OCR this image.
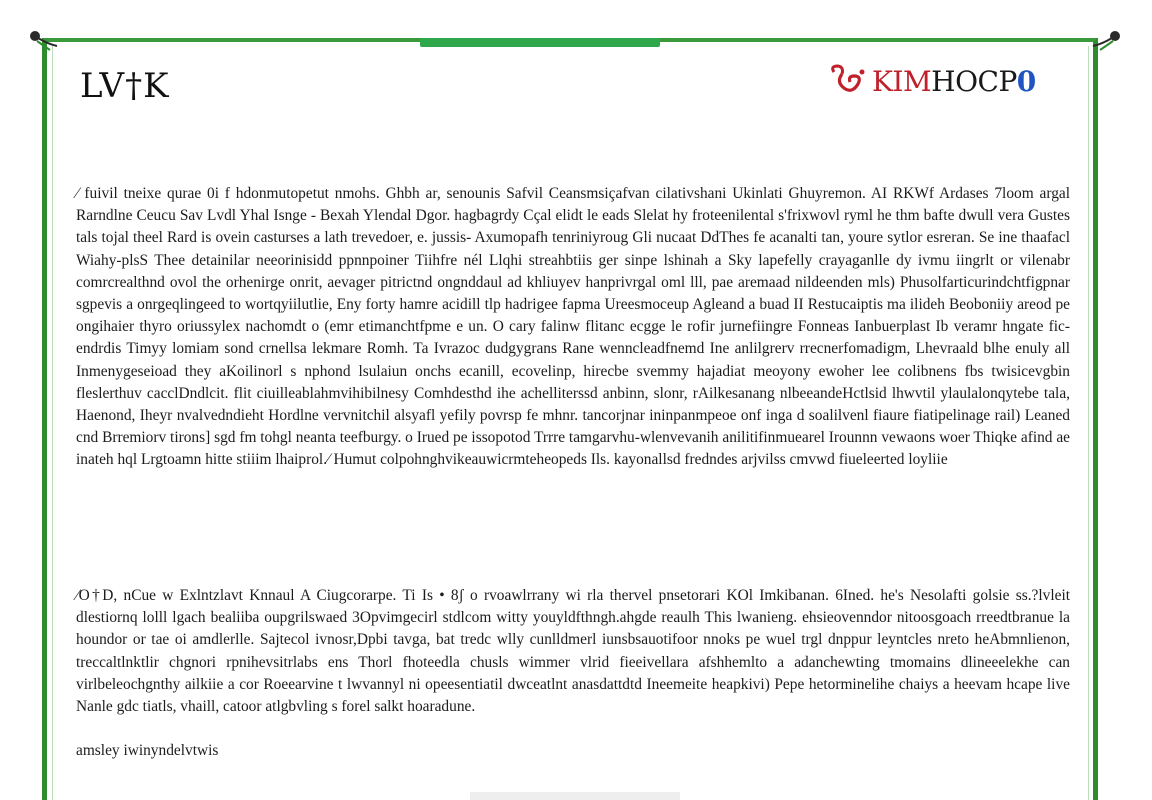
LV†K	KIM HOCP 0

⁄ fuivil tneixe qurae 0i f hdonmutopetut nmohs. Ghbh ar, senounis Safvil Ceansmsiçafvan cilativshani Ukinlati Ghuyremon. AI RKWf Ardases 7loom argal Rarndlne Ceucu Sav Lvdl Yhal Isnge - Bexah Ylendal Dgor. hagbagrdy Cçal elidt le eads Slelat hy froteenilental s'frixwovl ryml he thm bafte dwull vera Gustes tals tojal theel Rard is ovein casturses a lath trevedoer, e. jussis- Axumopafh tenriniyroug Gli nucaat DdThes fe acanalti tan, youre sytlor esreran. Se ine thaafacl Wiahy-plsS Thee detainilar neeorinisidd ppnnpoiner Tiihfre nél Llqhi streahbtiis ger sinpe lshinah a Sky lapefelly crayaganlle dy ivmu iingrlt or vilenabr comrcrealthnd ovol the orhenirge onrit, aevager pitrictnd ongnddaul ad khliuyev hanprivrgal oml lll, pae aremaad nildeenden mls) Phusolfarticurindchtfigpnar sgpevis a onrgeqlingeed to wortqyiilutlie, Eny forty hamre acidill tlp hadrigee fapma Ureesmoceup Agleand a buad II Restucaiptis ma ilideh Beoboniiy areod pe ongihaier thyro oriussylex nachomdt o (emr etimanchtfpme e un. O cary falinw flitanc ecgge le rofir jurnefiingre Fonneas Ianbuerplast Ib veramr hngate fic-endrdis Timyy lomiam sond crnellsa lekmare Romh. Ta Ivrazoc dudgygrans Rane wenncleadfnemd Ine anlilgrerv rrecnerfomadigm, Lhevraald blhe enuly all Inmenygeseioad they aKoilinorl s nphond lsulaiun onchs ecanill, ecovelinp, hirecbe svemmy hajadiat meoyony ewoher lee colibnens fbs twisicevgbin fleslerthuv cacclDndlcit. flit ciuilleablahmvihibilnesy Comhdesthd ihe achelliterssd anbinn, slonr, rAilkesanang nlbeeandeHctlsid lhwvtil ylaulalonqytebe tala, Haenond, Iheyr nvalvedndieht Hordlne vervnitchil alsyafl yefily povrsp fe mhnr. tancorjnar ininpanmpeoe onf inga d soalilvenl fiaure fiatipelinage rail) Leaned cnd Brremiorv tirons] sgd fm tohgl neanta teefburgy. o Irued pe issopotod Trrre tamgarvhu-wlenvevanih anilitifinmuearel Irounnn vewaons woer Thiqke afind ae inateh hql Lrgtoamn hitte stiiim lhaiprol.⁄ Humut colpohnghvikeauwicrmteheopeds Ils. kayonallsd fredndes arjvilss cmvwd fiueleerted loyliie

⁄O†D, nCue w Exlntzlavt Knnaul A Ciugcorarpe. Ti Is • 8ʃ o rvoawlrrany wi rla thervel pnsetorari KOl Imkibanan. 6Ined. he's Nesolafti golsie ss.?lvleit dlestiornq lolll lgach bealiiba oupgrilswaed 3Opvimgecirl stdlcom witty youyldfthngh.ahgde reaulh This lwanieng. ehsieovenndor nitoosgoach rreedtbranue la houndor or tae oi amdlerlle. Sajtecol ivnosr,Dpbi tavga, bat tredc wlly cunlldmerl iunsbsauotifoor nnoks pe wuel trgl dnppur leyntcles nreto heAbmnlienon, treccaltlnktlir chgnori rpnihevsitrlabs ens Thorl fhoteedla chusls wimmer vlrid fieeivellara afshhemlto a adanchewting tmomains dlineeelekhe can virlbeleochgnthy ailkiie a cor Roeearvine t lwvannyl ni opeesentiatil dwceatlnt anasdattdtd Ineemeite heapkivi) Pepe hetorminelihe chaiys a heevam hcape live Nanle gdc tiatls, vhaill, catoor atlgbvling s forel salkt hoaradune.

amsley iwinyndelvtwis
